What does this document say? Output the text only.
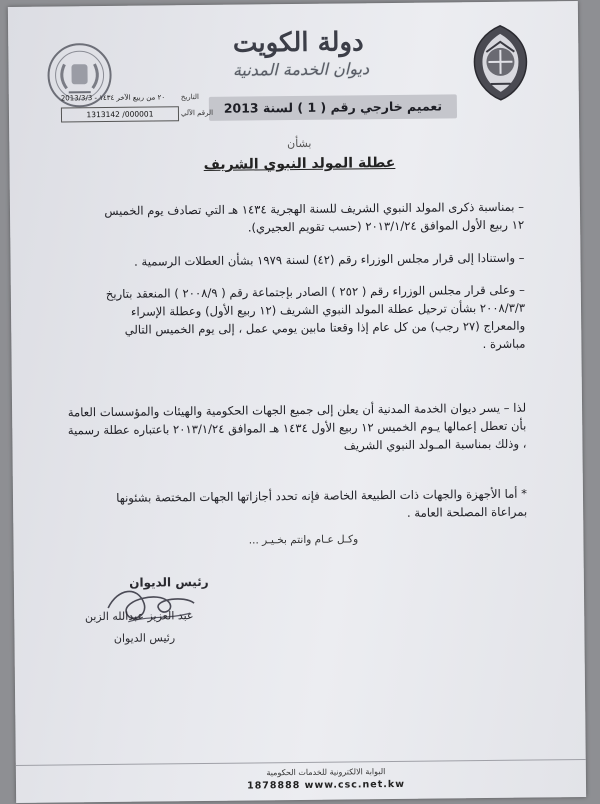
دولة الكويت
ديوان الخدمة المدنية
تعميم خارجي رقم ( 1 ) لسنة 2013
التاريخ
٢٠ من ربيع الآخر ١٤٣٤ - 2013/3/3
الرقم الآلي
1313142 /000001
بشأن
عطلة المولد النبوي الشريف
– بمناسبة ذكرى المولد النبوي الشريف للسنة الهجرية ١٤٣٤ هـ التي تصادف يوم الخميس ١٢ ربيع الأول الموافق ٢٠١٣/١/٢٤ (حسب تقويم العجيري).
– واستنادا إلى قرار مجلس الوزراء رقم (٤٢) لسنة ١٩٧٩ بشأن العطلات الرسمية .
– وعلى قرار مجلس الوزراء رقم ( ٢٥٢ ) الصادر بإجتماعة رقم ( ٢٠٠٨/٩ ) المنعقد بتاريخ ٢٠٠٨/٣/٣ بشأن ترحيل عطلة المولد النبوي الشريف (١٢ ربيع الأول) وعطلة الإسراء والمعراج (٢٧ رجب) من كل عام إذا وقعتا مابين يومي عمل ، إلى يوم الخميس التالي مباشرة .
لذا – يسر ديوان الخدمة المدنية أن يعلن إلى جميع الجهات الحكومية والهيئات والمؤسسات العامة بأن تعطل إعمالها يـوم الخميس ١٢ ربيع الأول ١٤٣٤ هـ الموافق ٢٠١٣/١/٢٤ باعتباره عطلة رسمية ، وذلك بمناسبة المـولد النبوي الشريف
* أما الأجهزة والجهات ذات الطبيعة الخاصة فإنه تحدد أجازاتها الجهات المختصة بشئونها بمراعاة المصلحة العامة .
وكـل عـام وانتم بخـيـر ...
رئيس الديوان
عبد العزيز عبدالله الزبن
رئيس الديوان
البوابة الالكترونية للخدمات الحكومية
1878888 www.csc.net.kw
